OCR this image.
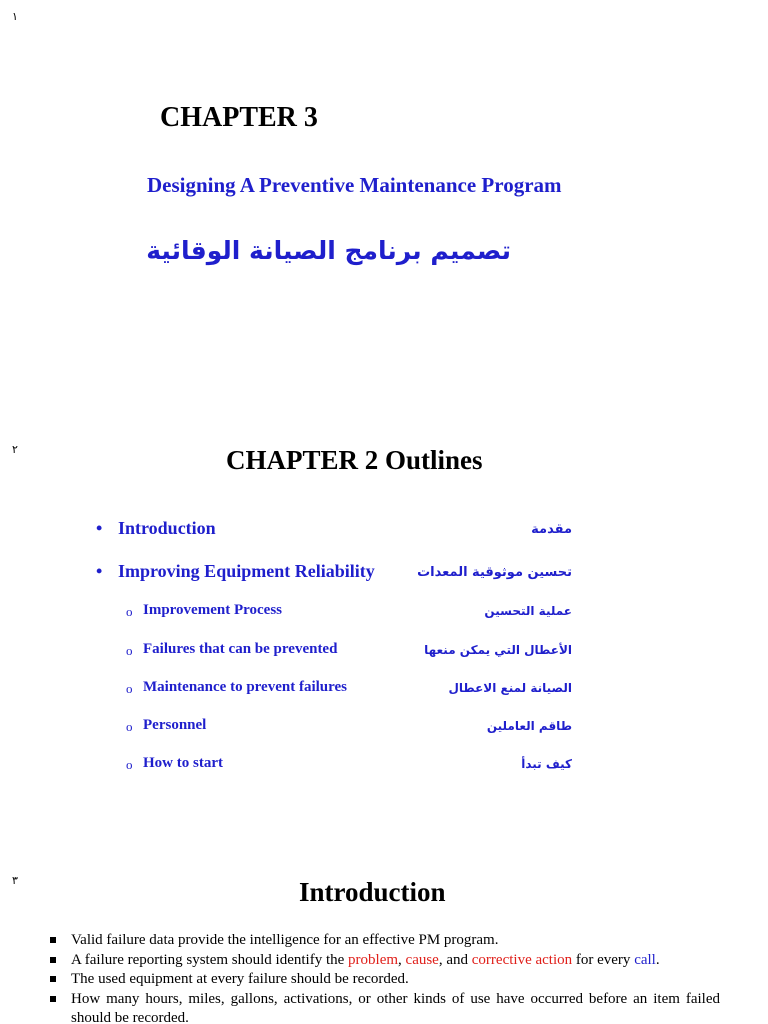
١
CHAPTER 3
Designing A Preventive Maintenance Program
تصميم برنامج الصيانة الوقائية
٢	CHAPTER 2 Outlines
• Introduction	مقدمة
• Improving Equipment Reliability	تحسين موثوقية المعدات
o Improvement Process	عملية التحسين
o Failures that can be prevented	الأعطال التي يمكن منعها
o Maintenance to prevent failures	الصيانة لمنع الاعطال
o Personnel	طاقم العاملين
o How to start	كيف تبدأ
٣	Introduction
Valid failure data provide the intelligence for an effective PM program.
A failure reporting system should identify the problem, cause, and corrective action for every call.
The used equipment at every failure should be recorded.
How many hours, miles, gallons, activations, or other kinds of use have occurred before an item failed should be recorded.
